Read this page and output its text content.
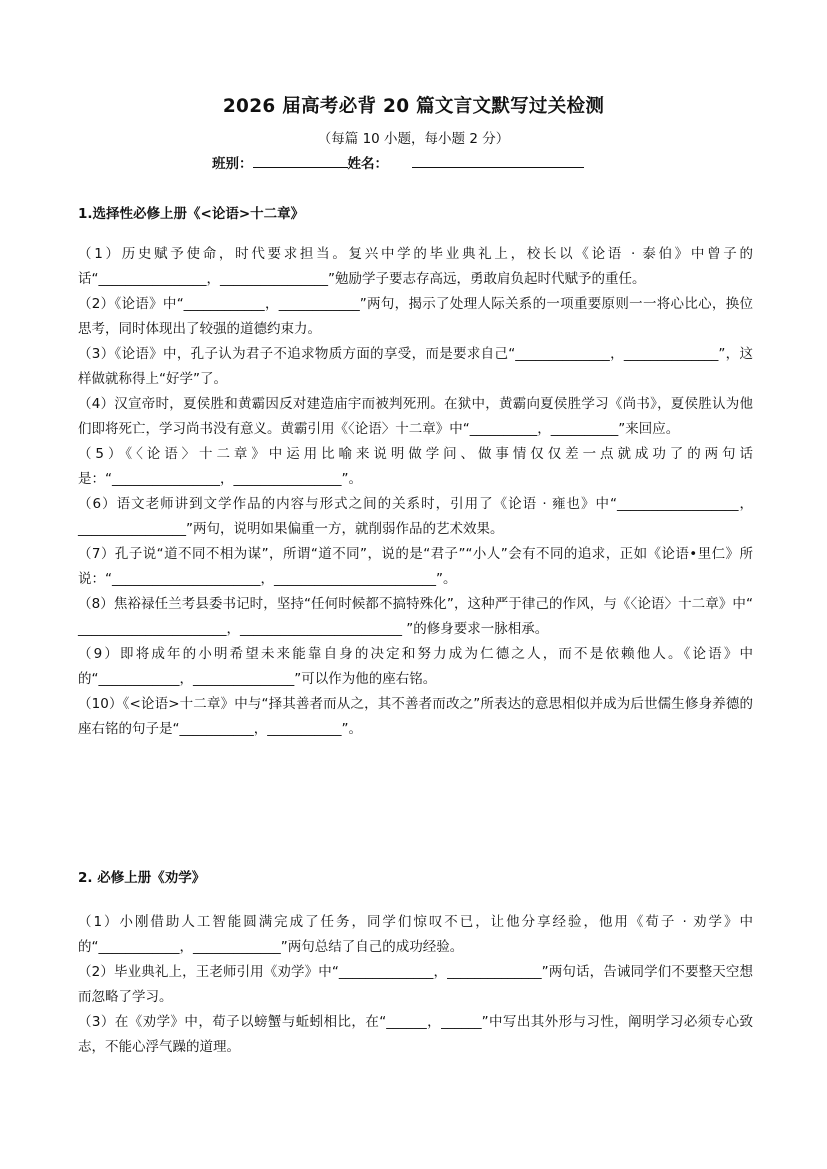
2026 届高考必背 20 篇文言文默写过关检测
（每篇 10 小题，每小题 2 分）
班别：	姓名：
1.选择性必修上册《<论语>十二章》

（1）历史赋予使命，时代要求担当。复兴中学的毕业典礼上，校长以《论语 · 泰伯》中曾子的话“________________，________________”勉励学子要志存高远，勇敢肩负起时代赋予的重任。

（2）《论语》中“____________，____________”两句，揭示了处理人际关系的一项重要原则一一将心比心，换位思考，同时体现出了较强的道德约束力。

（3）《论语》中，孔子认为君子不追求物质方面的享受，而是要求自己“______________，______________”，这样做就称得上“好学”了。

（4）汉宣帝时，夏侯胜和黄霸因反对建造庙宇而被判死刑。在狱中，黄霸向夏侯胜学习《尚书》，夏侯胜认为他们即将死亡，学习尚书没有意义。黄霸引用《〈论语〉十二章》中“__________，__________”来回应。

（5）《〈论语〉十二章》中运用比喻来说明做学问、做事情仅仅差一点就成功了的两句话是：“________________，________________”。

（6）语文老师讲到文学作品的内容与形式之间的关系时，引用了《论语 · 雍也》中“__________________，________________”两句，说明如果偏重一方，就削弱作品的艺术效果。

（7）孔子说“道不同不相为谋”，所谓“道不同”，说的是“君子”“小人”会有不同的追求，正如《论语•里仁》所说：“______________________，________________________”。

（8）焦裕禄任兰考县委书记时，坚持“任何时候都不搞特殊化”，这种严于律己的作风，与《〈论语〉十二章》中“ ______________________，________________________ ”的修身要求一脉相承。

（9）即将成年的小明希望未来能靠自身的决定和努力成为仁德之人，而不是依赖他人。《论语》中的“____________，_______________”可以作为他的座右铭。

（10）《<论语>十二章》中与“择其善者而从之，其不善者而改之”所表达的意思相似并成为后世儒生修身养德的座右铭的句子是“___________，___________”。

2. 必修上册《劝学》

（1）小刚借助人工智能圆满完成了任务，同学们惊叹不已，让他分享经验，他用《荀子 · 劝学》中的“____________，_____________”两句总结了自己的成功经验。

（2）毕业典礼上，王老师引用《劝学》中“______________，______________”两句话，告诫同学们不要整天空想而忽略了学习。

（3）在《劝学》中，荀子以螃蟹与蚯蚓相比，在“______，______”中写出其外形与习性，阐明学习必须专心致志，不能心浮气躁的道理。
